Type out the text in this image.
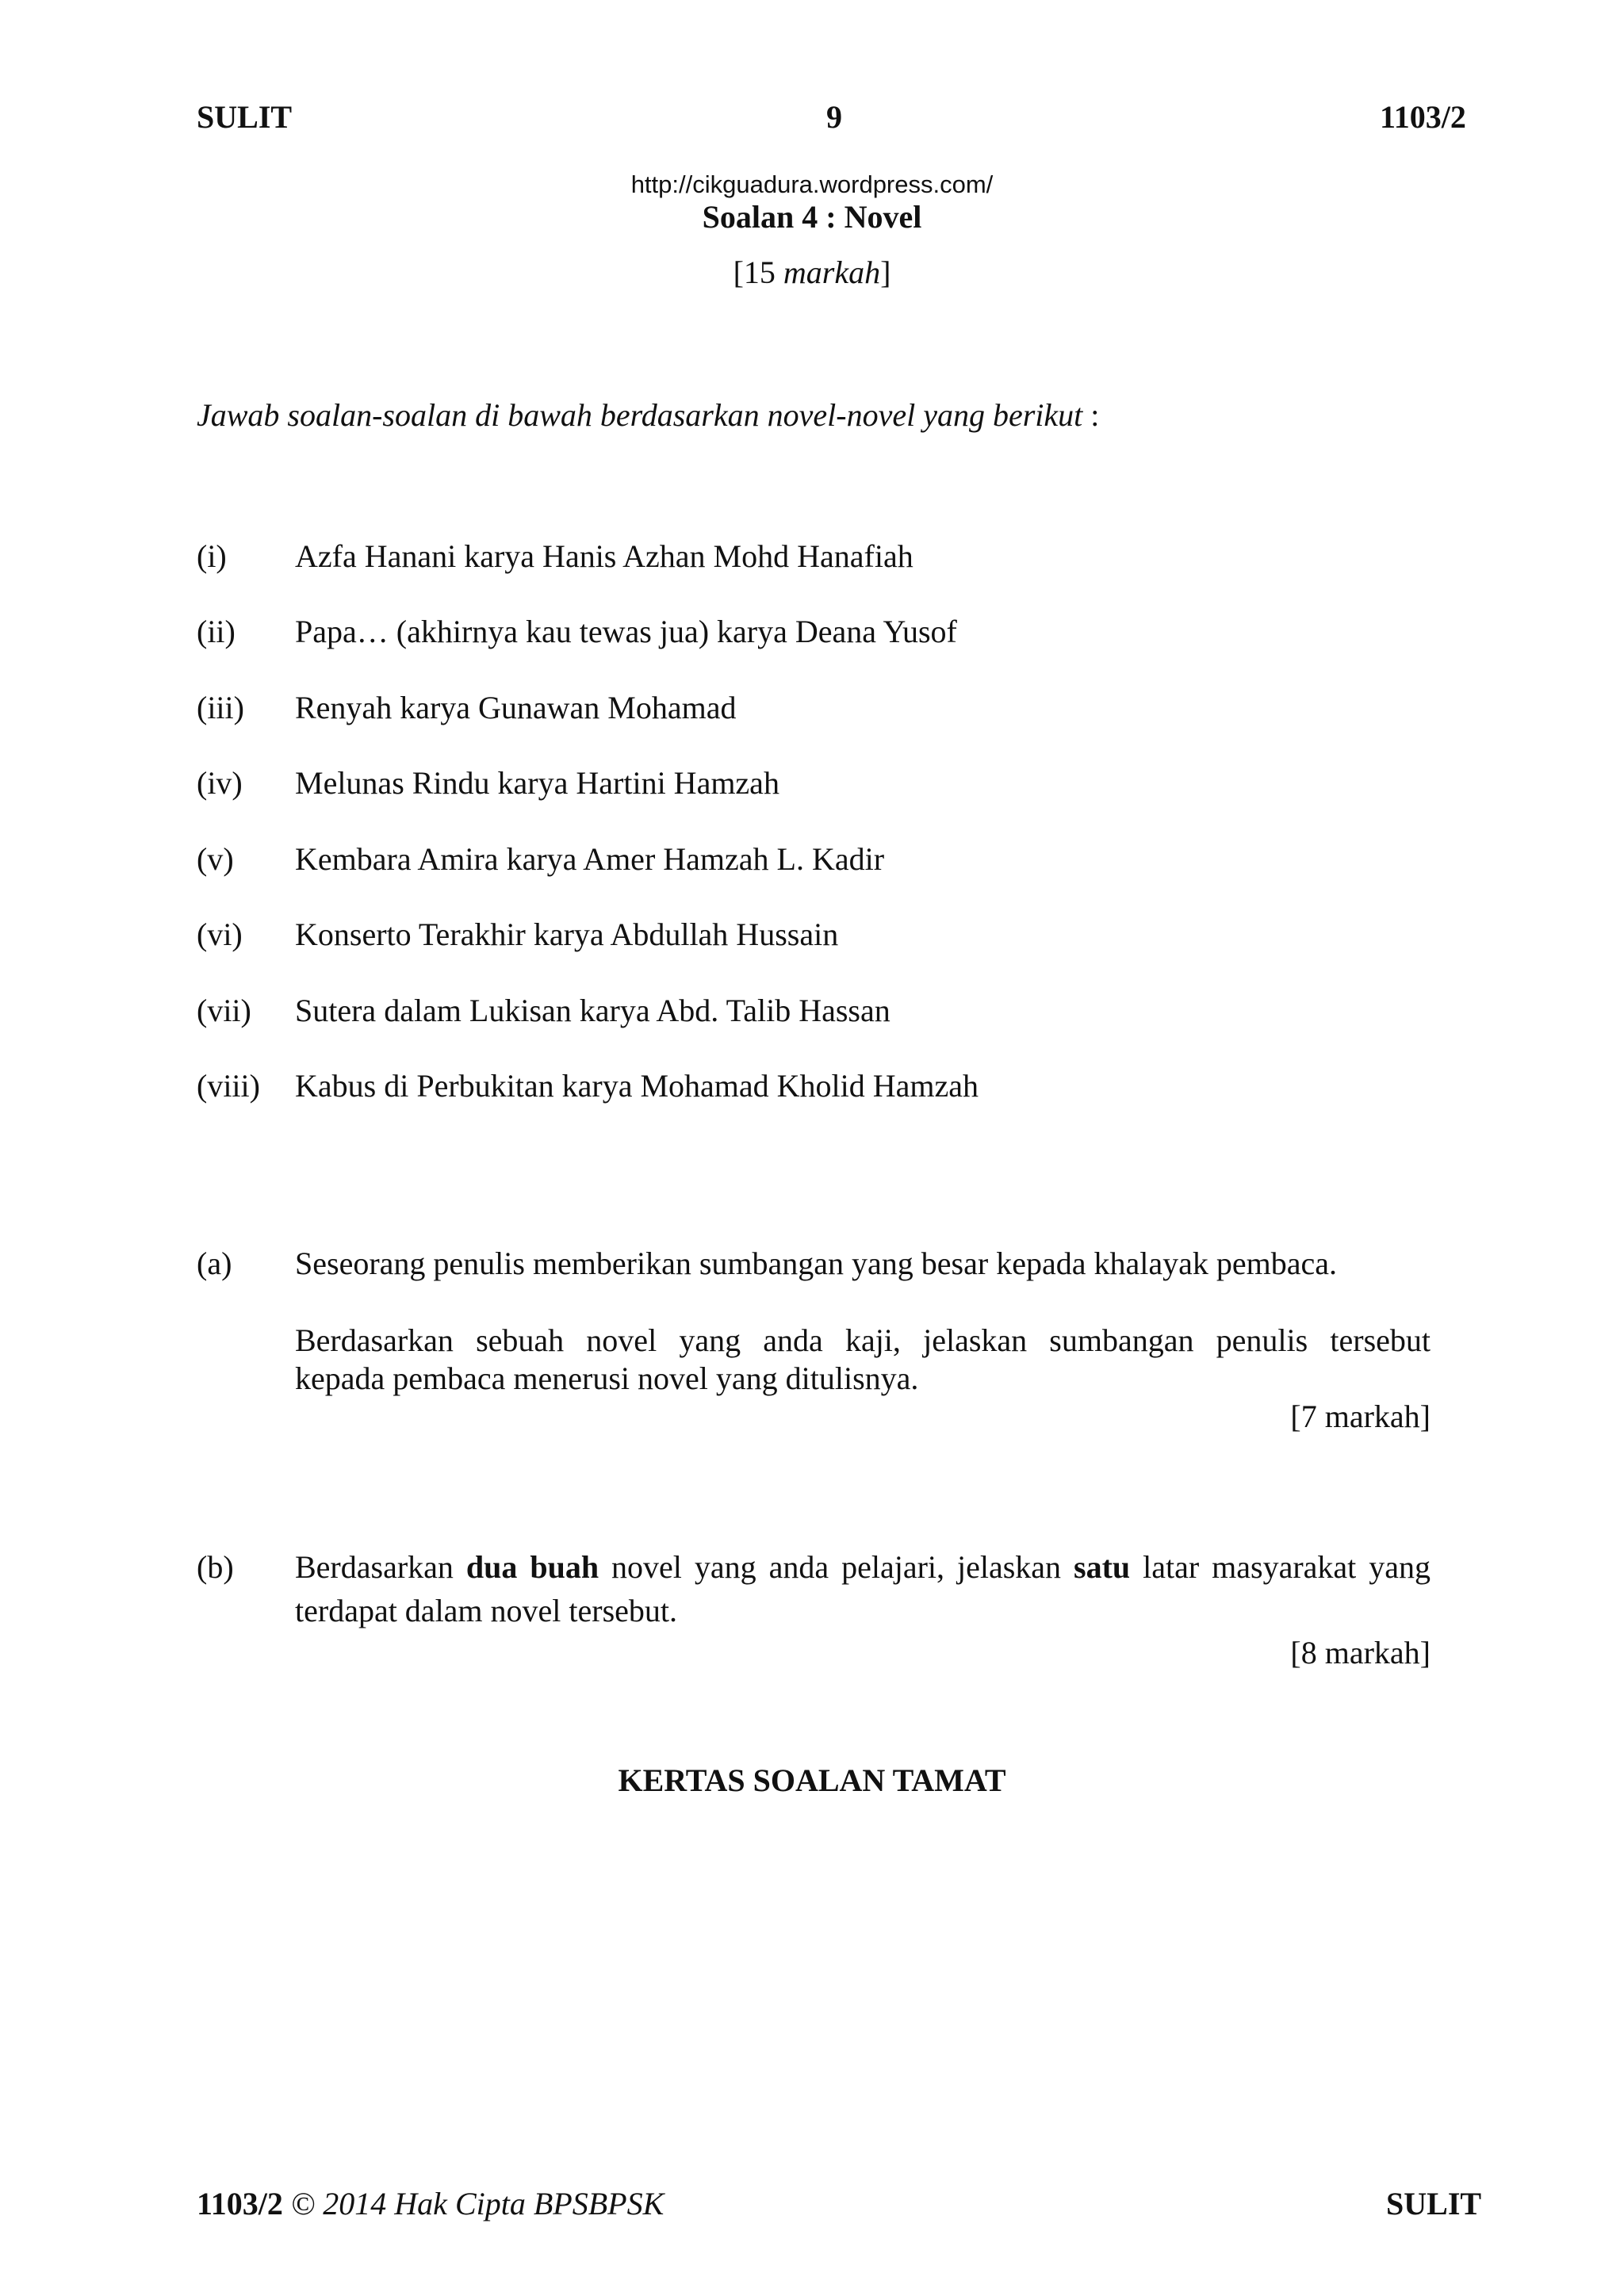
SULIT	9	1103/2
http://cikguadura.wordpress.com/
Soalan 4 : Novel
[15 markah]
Jawab soalan-soalan di bawah berdasarkan novel-novel yang berikut :
(i) Azfa Hanani karya Hanis Azhan Mohd Hanafiah
(ii) Papa… (akhirnya kau tewas jua) karya Deana Yusof
(iii) Renyah karya Gunawan Mohamad
(iv) Melunas Rindu karya Hartini Hamzah
(v) Kembara Amira karya Amer Hamzah L. Kadir
(vi) Konserto Terakhir karya Abdullah Hussain
(vii) Sutera dalam Lukisan karya Abd. Talib Hassan
(viii) Kabus di Perbukitan karya Mohamad Kholid Hamzah
(a) Seseorang penulis memberikan sumbangan yang besar kepada khalayak pembaca.
Berdasarkan sebuah novel yang anda kaji, jelaskan sumbangan penulis tersebut
kepada pembaca menerusi novel yang ditulisnya.
[7 markah]
(b) Berdasarkan dua buah novel yang anda pelajari, jelaskan satu latar masyarakat yang
terdapat dalam novel tersebut.
[8 markah]
KERTAS SOALAN TAMAT
1103/2 © 2014 Hak Cipta BPSBPSK	SULIT
